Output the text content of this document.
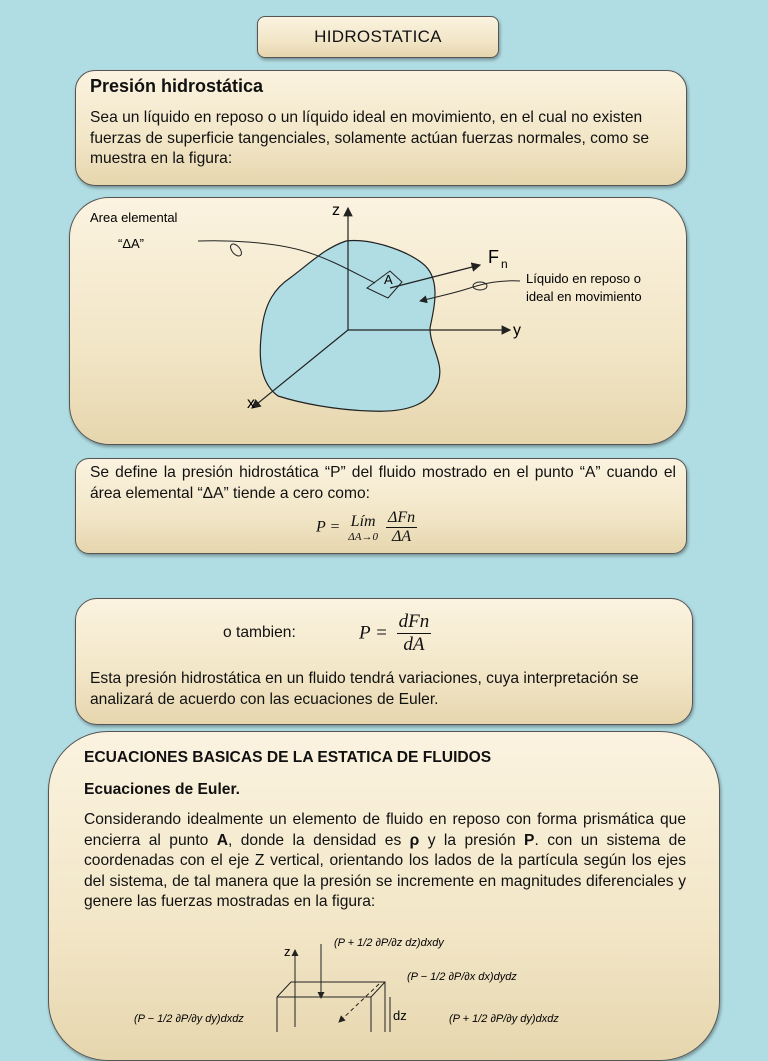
HIDROSTATICA
Presión hidrostática
Sea un líquido en reposo o un líquido ideal en movimiento, en el cual no existen fuerzas de superficie tangenciales, solamente actúan fuerzas normales, como se muestra en la figura:
z
y
x
A
F n
Area elemental
“ΔA”
Líquido en reposo o
ideal en movimiento
Se define la presión hidrostática “P” del fluido mostrado en el punto “A” cuando el área elemental “ΔA” tiende a cero como:
P = Lím
ΔA→0
$\frac{\text{ΔFn}}{\Delta A}$
o tambien:	$P = \frac{\text{dFn}}{dA}$
Esta presión hidrostática en un fluido tendrá variaciones, cuya interpretación se analizará de acuerdo con las ecuaciones de Euler.
ECUACIONES BASICAS DE LA ESTATICA DE FLUIDOS
Ecuaciones de Euler.
Considerando idealmente un elemento de fluido en reposo con forma prismática que encierra al punto A, donde la densidad es ρ y la presión P. con un sistema de coordenadas con el eje Z vertical, orientando los lados de la partícula según los ejes del sistema, de tal manera que la presión se incremente en magnitudes diferenciales y genere las fuerzas mostradas en la figura:
z
dz
(P + 1/2 ∂P/∂z dz)dxdy
(P − 1/2 ∂P/∂x dx)dydz
(P − 1/2 ∂P/∂y dy)dxdz	(P + 1/2 ∂P/∂y dy)dxdz
